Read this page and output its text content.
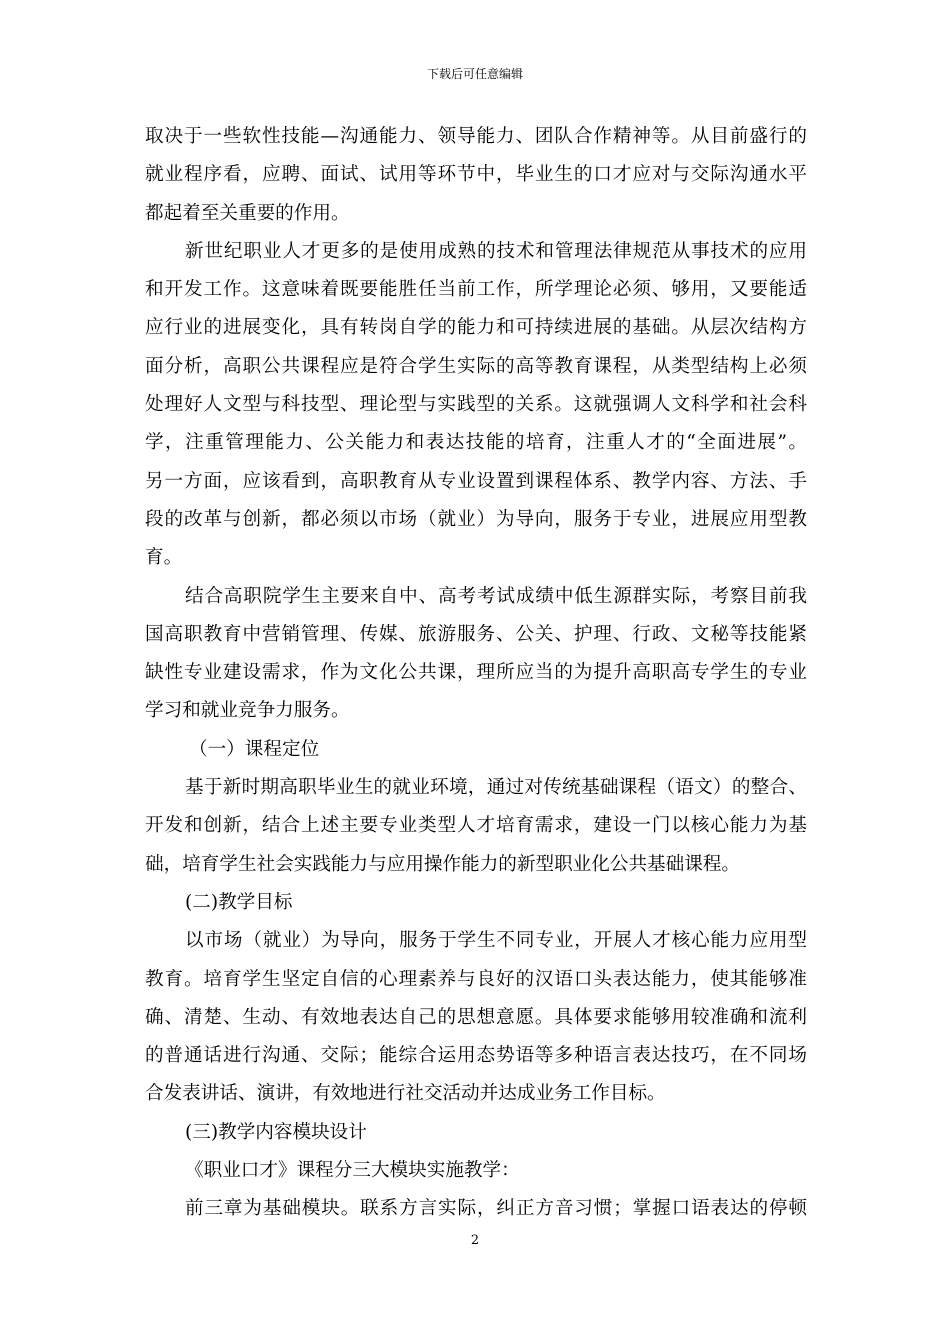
下载后可任意编辑
取决于一些软性技能—沟通能力、领导能力、团队合作精神等。从目前盛行的
就业程序看，应聘、面试、试用等环节中，毕业生的口才应对与交际沟通水平
都起着至关重要的作用。
新世纪职业人才更多的是使用成熟的技术和管理法律规范从事技术的应用
和开发工作。这意味着既要能胜任当前工作，所学理论必须、够用，又要能适
应行业的进展变化，具有转岗自学的能力和可持续进展的基础。从层次结构方
面分析，高职公共课程应是符合学生实际的高等教育课程，从类型结构上必须
处理好人文型与科技型、理论型与实践型的关系。这就强调人文科学和社会科
学，注重管理能力、公关能力和表达技能的培育，注重人才的“全面进展”。
另一方面，应该看到，高职教育从专业设置到课程体系、教学内容、方法、手
段的改革与创新，都必须以市场（就业）为导向，服务于专业，进展应用型教
育。
结合高职院学生主要来自中、高考考试成绩中低生源群实际，考察目前我
国高职教育中营销管理、传媒、旅游服务、公关、护理、行政、文秘等技能紧
缺性专业建设需求，作为文化公共课，理所应当的为提升高职高专学生的专业
学习和就业竞争力服务。
（一）课程定位
基于新时期高职毕业生的就业环境，通过对传统基础课程（语文）的整合、
开发和创新，结合上述主要专业类型人才培育需求，建设一门以核心能力为基
础，培育学生社会实践能力与应用操作能力的新型职业化公共基础课程。
(二)教学目标
以市场（就业）为导向，服务于学生不同专业，开展人才核心能力应用型
教育。培育学生坚定自信的心理素养与良好的汉语口头表达能力，使其能够准
确、清楚、生动、有效地表达自己的思想意愿。具体要求能够用较准确和流利
的普通话进行沟通、交际；能综合运用态势语等多种语言表达技巧，在不同场
合发表讲话、演讲，有效地进行社交活动并达成业务工作目标。
(三)教学内容模块设计
《职业口才》课程分三大模块实施教学：
前三章为基础模块。联系方言实际，纠正方音习惯；掌握口语表达的停顿
2
